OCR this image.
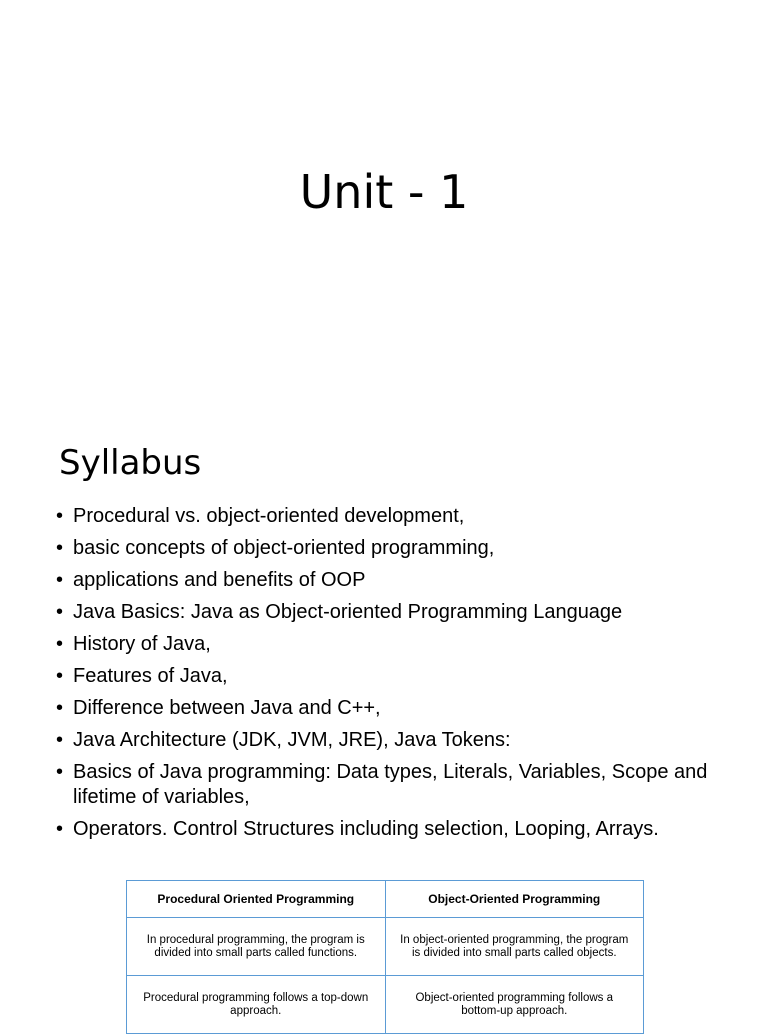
Unit - 1
Syllabus
• Procedural vs. object-oriented development,
• basic concepts of object-oriented programming,
• applications and benefits of OOP
• Java Basics: Java as Object-oriented Programming Language
• History of Java,
• Features of Java,
• Difference between Java and C++,
• Java Architecture (JDK, JVM, JRE), Java Tokens:
• Basics of Java programming: Data types, Literals, Variables, Scope and lifetime of variables,
• Operators. Control Structures including selection, Looping, Arrays.
Procedural Oriented Programming	Object-Oriented Programming
In procedural programming, the program is divided into small parts called functions.	In object-oriented programming, the program is divided into small parts called objects.
Procedural programming follows a top-down approach.	Object-oriented programming follows a bottom-up approach.
